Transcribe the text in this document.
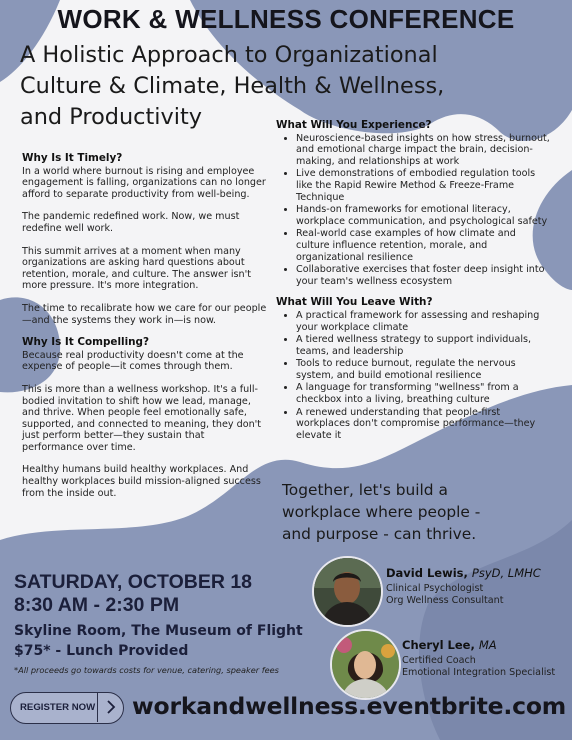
WORK & WELLNESS CONFERENCE
A Holistic Approach to Organizational
Culture & Climate, Health & Wellness,
and Productivity
Why Is It Timely?

In a world where burnout is rising and employee engagement is falling, organizations can no longer afford to separate productivity from well-being.

The pandemic redefined work. Now, we must redefine well work.

This summit arrives at a moment when many organizations are asking hard questions about retention, morale, and culture. The answer isn't more pressure. It's more integration.

The time to recalibrate how we care for our people—and the systems they work in—is now.

Why Is It Compelling?

Because real productivity doesn't come at the expense of people—it comes through them.

This is more than a wellness workshop. It's a full-bodied invitation to shift how we lead, manage, and thrive. When people feel emotionally safe, supported, and connected to meaning, they don't just perform better—they sustain that performance over time.

Healthy humans build healthy workplaces. And healthy workplaces build mission-aligned success from the inside out.

What Will You Experience?
• Neuroscience-based insights on how stress, burnout, and emotional charge impact the brain, decision-making, and relationships at work
• Live demonstrations of embodied regulation tools like the Rapid Rewire Method & Freeze-Frame Technique
• Hands-on frameworks for emotional literacy, workplace communication, and psychological safety
• Real-world case examples of how climate and culture influence retention, morale, and organizational resilience
• Collaborative exercises that foster deep insight into your team's wellness ecosystem
What Will You Leave With?
• A practical framework for assessing and reshaping your workplace climate
• A tiered wellness strategy to support individuals, teams, and leadership
• Tools to reduce burnout, regulate the nervous system, and build emotional resilience
• A language for transforming "wellness" from a checkbox into a living, breathing culture
• A renewed understanding that people-first workplaces don't compromise performance—they elevate it
Together, let's build a
workplace where people -
and purpose - can thrive.
SATURDAY, OCTOBER 18
8:30 AM - 2:30 PM
Skyline Room, The Museum of Flight
$75* - Lunch Provided
*All proceeds go towards costs for venue, catering, speaker fees
David Lewis, PsyD, LMHC
Clinical Psychologist
Org Wellness Consultant
Cheryl Lee, MA
Certified Coach
Emotional Integration Specialist
REGISTER NOW workandwellness.eventbrite.com
